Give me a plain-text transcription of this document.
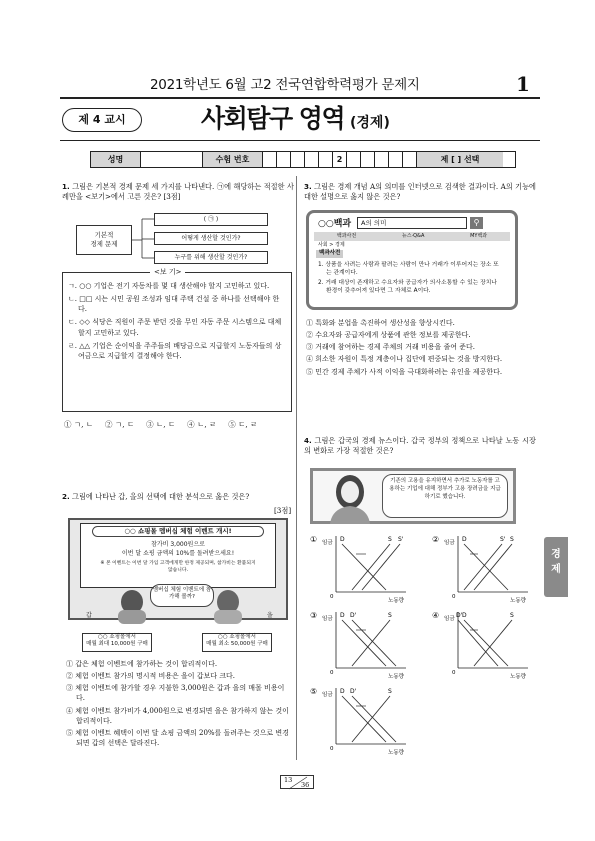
2021학년도 6월 고2 전국연합학력평가 문제지	1
제 4 교시	사회탐구 영역 (경제)
성명	수험 번호	2	제 [ ] 선택
1. 그림은 기본적 경제 문제 세 가지를 나타낸다. ㉠에 해당하는 적절한 사례만을 <보기>에서 고른 것은? [3점]
기본적
경제 문제
( ㉠ )
어떻게 생산할 것인가?
누구를 위해 생산할 것인가?
<보 기>
ㄱ. ○○ 기업은 전기 자동차를 몇 대 생산해야 할지 고민하고 있다.
ㄴ. □□ 시는 시민 공원 조성과 임대 주택 건설 중 하나를 선택해야 한다.
ㄷ. ◇◇ 식당은 직원이 주문 받던 것을 무인 자동 주문 시스템으로 대체할지 고민하고 있다.
ㄹ. △△ 기업은 순이익을 주주들의 배당금으로 지급할지 노동자들의 상여금으로 지급할지 결정해야 한다.
① ㄱ, ㄴ     ② ㄱ, ㄷ     ③ ㄴ, ㄷ     ④ ㄴ, ㄹ     ⑤ ㄷ, ㄹ
2. 그림에 나타난 갑, 을의 선택에 대한 분석으로 옳은 것은?
[3점]
○○ 쇼핑몰 멤버십 체험 이벤트 개시!
참가비 3,000원으로
이번 달 쇼핑 금액의 10%를 돌려받으세요!
※ 본 이벤트는 이번 달 가입 고객에게만 한정 제공되며, 참가비는 환불되지 않습니다.
멤버십 체험 이벤트에 참가해 볼까?
갑	을
○○ 쇼핑몰에서
매월 최대 10,000원 구매
○○ 쇼핑몰에서
매월 최소 50,000원 구매
① 갑은 체험 이벤트에 참가하는 것이 합리적이다.
② 체험 이벤트 참가의 명시적 비용은 을이 갑보다 크다.
③ 체험 이벤트에 참가할 경우 지불한 3,000원은 갑과 을의 매몰 비용이다.
④ 체험 이벤트 참가비가 4,000원으로 변경되면 을은 참가하지 않는 것이 합리적이다.
⑤ 체험 이벤트 혜택이 이번 달 쇼핑 금액의 20%를 돌려주는 것으로 변경되면 갑의 선택은 달라진다.
3. 그림은 경제 개념 A의 의미를 인터넷으로 검색한 결과이다. A의 기능에 대한 설명으로 옳지 않은 것은?
○○백과	A의 의미	⚲
백과사전	뉴스·Q&A	MY백과
사회 > 경제
백과사전
1. 상품을 사려는 사람과 팔려는 사람이 만나 거래가 이루어지는 장소 또는 관계이다.
2. 거래 대상이 존재하고 수요자와 공급자가 의사소통할 수 있는 장치나 환경이 갖추어져 있다면 그 자체로 A이다.
① 특화와 분업을 촉진하여 생산성을 향상시킨다.
② 수요자와 공급자에게 상품에 관한 정보를 제공한다.
③ 거래에 참여하는 경제 주체의 거래 비용을 줄여 준다.
④ 희소한 자원이 특정 계층이나 집단에 편중되는 것을 방지한다.
⑤ 민간 경제 주체가 사적 이익을 극대화하려는 유인을 제공한다.
4. 그림은 갑국의 경제 뉴스이다. 갑국 정부의 정책으로 나타날 노동 시장의 변화로 가장 적절한 것은?
기존의 고용을 유지하면서 추가로 노동자를 고용하는 기업에 대해 정부가 고용 장려금을 지급하기로 했습니다.
① 임금
0
노동량
D	S S'	② 임금
0
노동량
D	S' S
③ 임금
0
노동량
D D'	S	④ 임금
0
노동량
D' D	S
⑤ 임금
0
노동량
D D'	S
경
제
13
36
